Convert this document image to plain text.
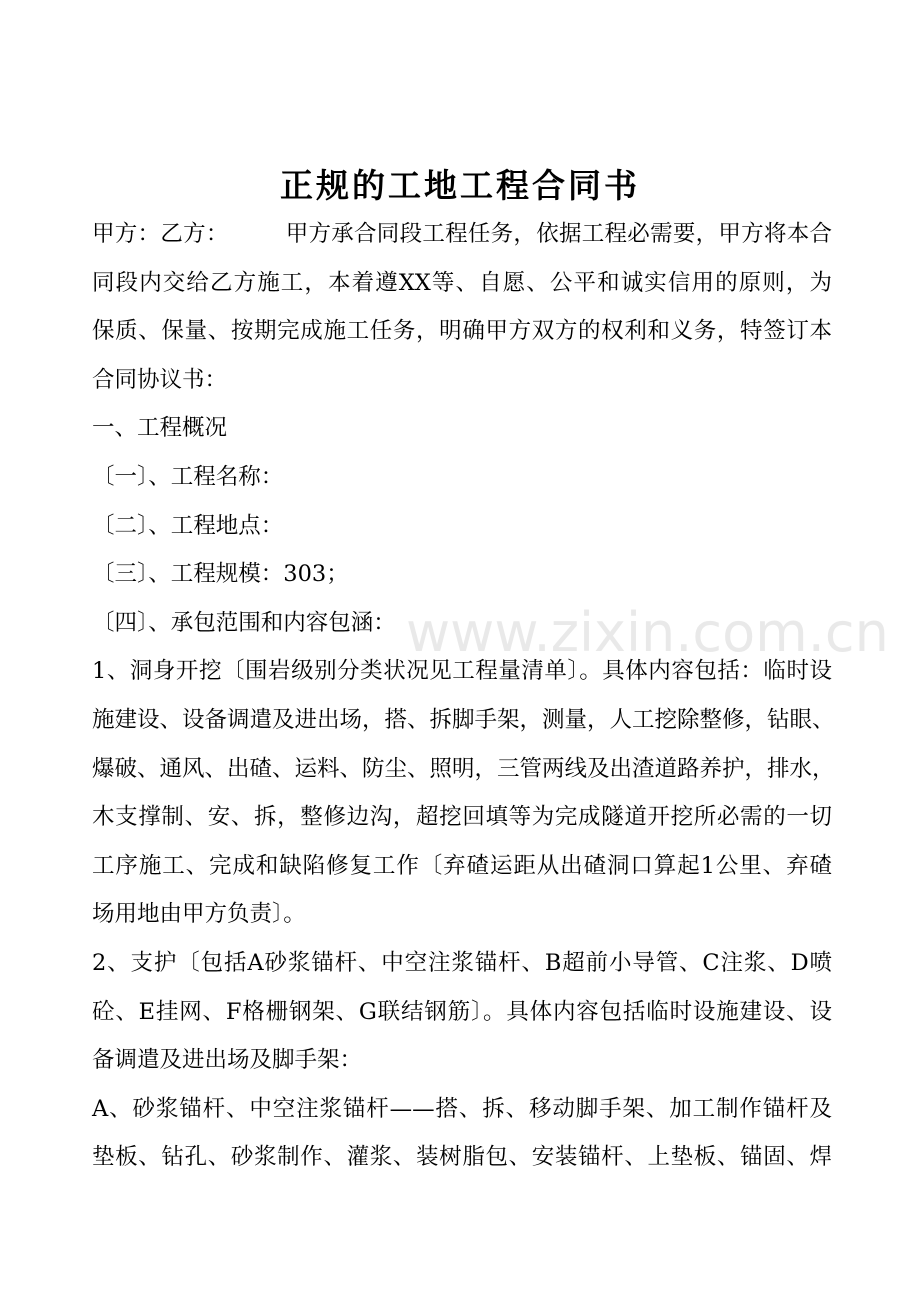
正规的工地工程合同书
甲方：乙方：　　　甲方承合同段工程任务，依据工程必需要，甲方将本合
同段内交给乙方施工，本着遵XX等、自愿、公平和诚实信用的原则，为
保质、保量、按期完成施工任务，明确甲方双方的权利和义务，特签订本
合同协议书：
一、工程概况
〔一〕、工程名称：
〔二〕、工程地点：
〔三〕、工程规模：303；
〔四〕、承包范围和内容包涵：
1、洞身开挖〔围岩级别分类状况见工程量清单〕。具体内容包括：临时设
施建设、设备调遣及进出场，搭、拆脚手架，测量，人工挖除整修，钻眼、
爆破、通风、出碴、运料、防尘、照明，三管两线及出渣道路养护，排水，
木支撑制、安、拆，整修边沟，超挖回填等为完成隧道开挖所必需的一切
工序施工、完成和缺陷修复工作〔弃碴运距从出碴洞口算起1公里、弃碴
场用地由甲方负责〕。
2、支护〔包括A砂浆锚杆、中空注浆锚杆、B超前小导管、C注浆、D喷
砼、E挂网、F格栅钢架、G联结钢筋〕。具体内容包括临时设施建设、设
备调遣及进出场及脚手架：
A、砂浆锚杆、中空注浆锚杆——搭、拆、移动脚手架、加工制作锚杆及
垫板、钻孔、砂浆制作、灌浆、装树脂包、安装锚杆、上垫板、锚固、焊
www.zixin.com.cn
